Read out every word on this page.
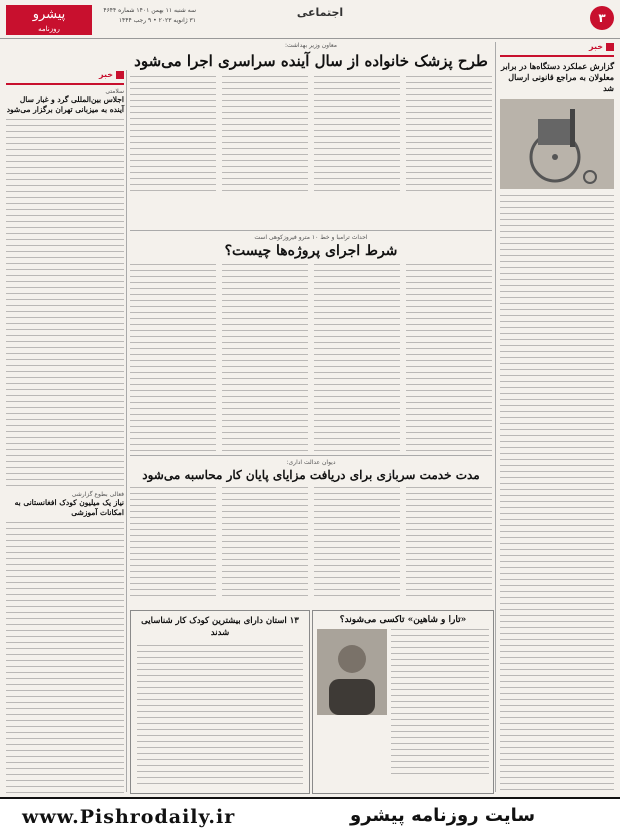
پیشرو
روزنامه
سه شنبه ۱۱ بهمن ۱۴۰۱ شماره ۴۶۴۴
۳۱ ژانویه ۲۰۲۳ • ۹ رجب ۱۴۴۴
اجتماعی	۳
خبر
گزارش عملکرد دستگاه‌ها در برابر معلولان به مراجع قانونی ارسال شد
معاون وزیر بهداشت:
طرح پزشک خانواده از سال آینده سراسری اجرا می‌شود
خبر
سلامتی
اجلاس بین‌المللی گرد و غبار سال آینده به میزبانی تهران برگزار می‌شود
فعالی بطوع گزارشی
نیاز یک میلیون کودک افغانستانی به امکانات آموزشی
احداث ترامبا و خط ۱۰ مترو فیروزکوهی است
شرط اجرای پروژه‌ها چیست؟
دیوان عدالت اداری:
مدت خدمت سربازی برای دریافت مزایای پایان کار محاسبه می‌شود
«تارا و شاهین» تاکسی می‌شوند؟
۱۳ استان دارای بیشترین کودک کار شناسایی شدند
www.Pishrodaily.ir	سایت روزنامه پیشرو
